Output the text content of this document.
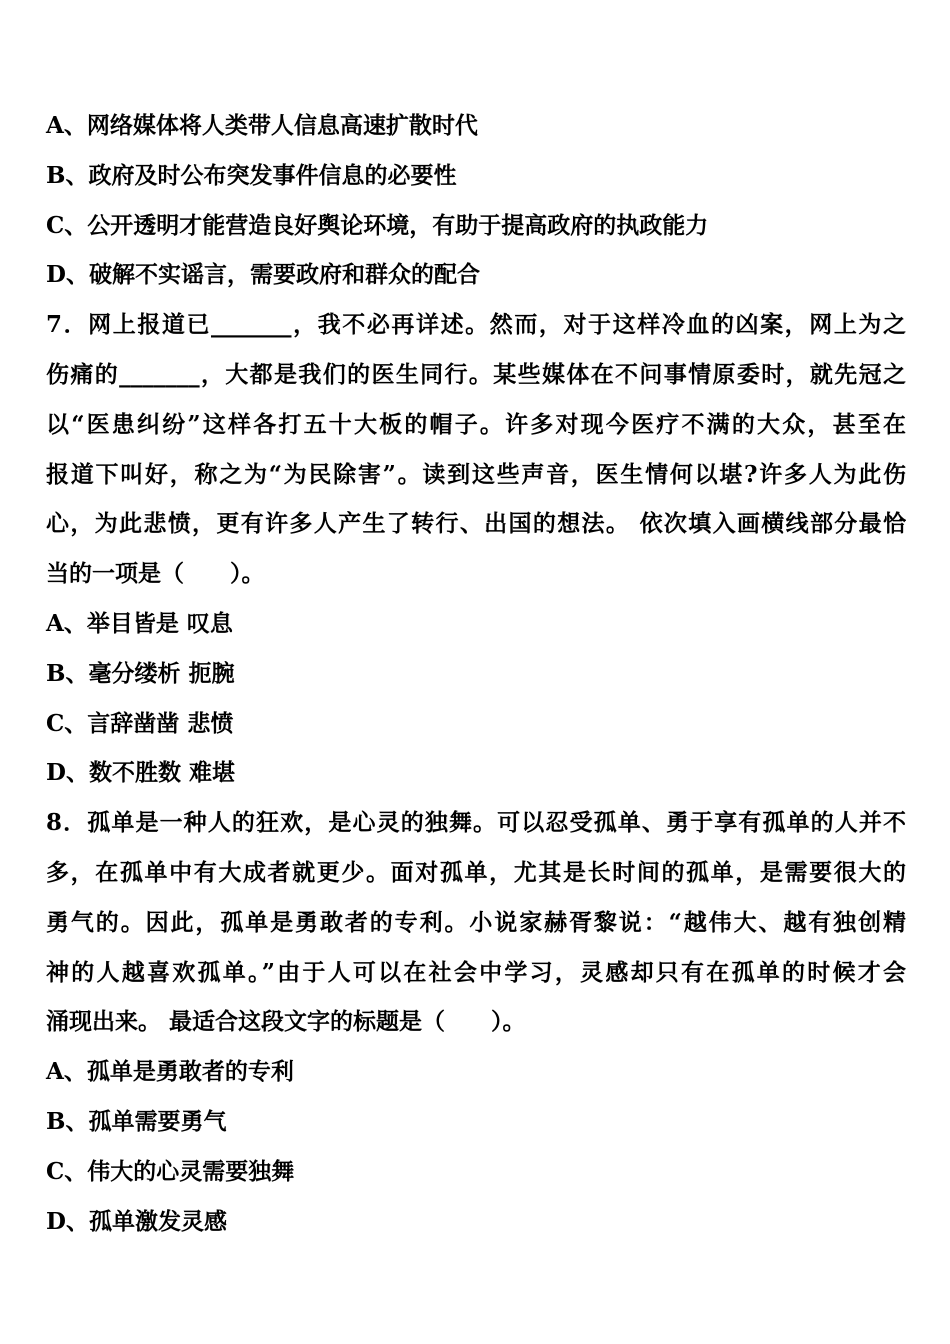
A、网络媒体将人类带人信息高速扩散时代
B、政府及时公布突发事件信息的必要性
C、公开透明才能营造良好舆论环境，有助于提高政府的执政能力
D、破解不实谣言，需要政府和群众的配合
7．网上报道已_______，我不必再详述。然而，对于这样冷血的凶案，网上为之
伤痛的_______，大都是我们的医生同行。某些媒体在不问事情原委时，就先冠之
以“医患纠纷”这样各打五十大板的帽子。许多对现今医疗不满的大众，甚至在
报道下叫好，称之为“为民除害”。读到这些声音，医生情何以堪?许多人为此伤
心，为此悲愤，更有许多人产生了转行、出国的想法。 依次填入画横线部分最恰
当的一项是（　　）。
A、举目皆是 叹息
B、毫分缕析 扼腕
C、言辞凿凿 悲愤
D、数不胜数 难堪
8．孤单是一种人的狂欢，是心灵的独舞。可以忍受孤单、勇于享有孤单的人并不
多，在孤单中有大成者就更少。面对孤单，尤其是长时间的孤单，是需要很大的
勇气的。因此，孤单是勇敢者的专利。小说家赫胥黎说：“越伟大、越有独创精
神的人越喜欢孤单。”由于人可以在社会中学习，灵感却只有在孤单的时候才会
涌现出来。 最适合这段文字的标题是（　　）。
A、孤单是勇敢者的专利
B、孤单需要勇气
C、伟大的心灵需要独舞
D、孤单激发灵感
